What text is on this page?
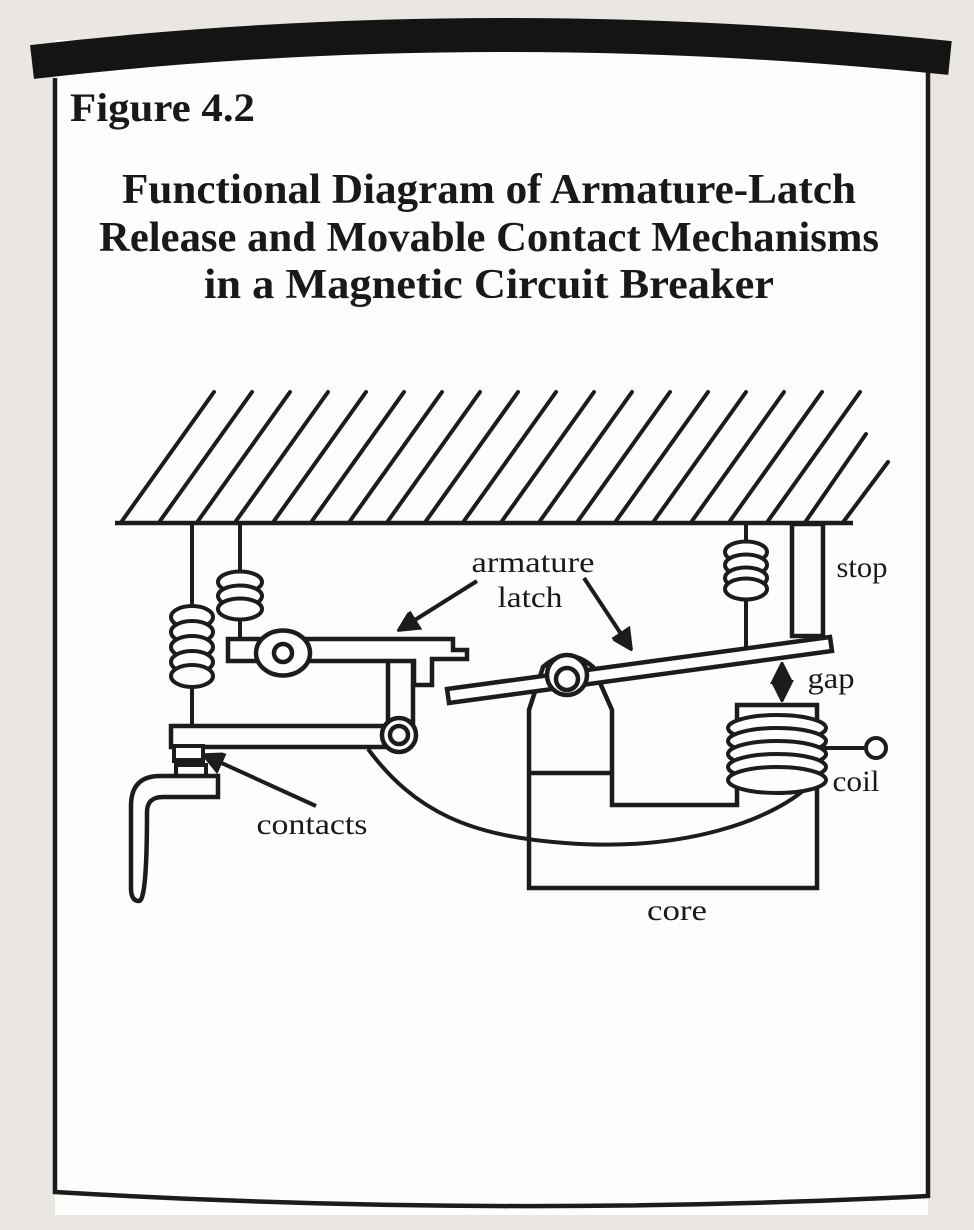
Figure 4.2
Functional Diagram of Armature-Latch
Release and Movable Contact Mechanisms
in a Magnetic Circuit Breaker
armature
latch
stop
gap
coil
core
contacts
